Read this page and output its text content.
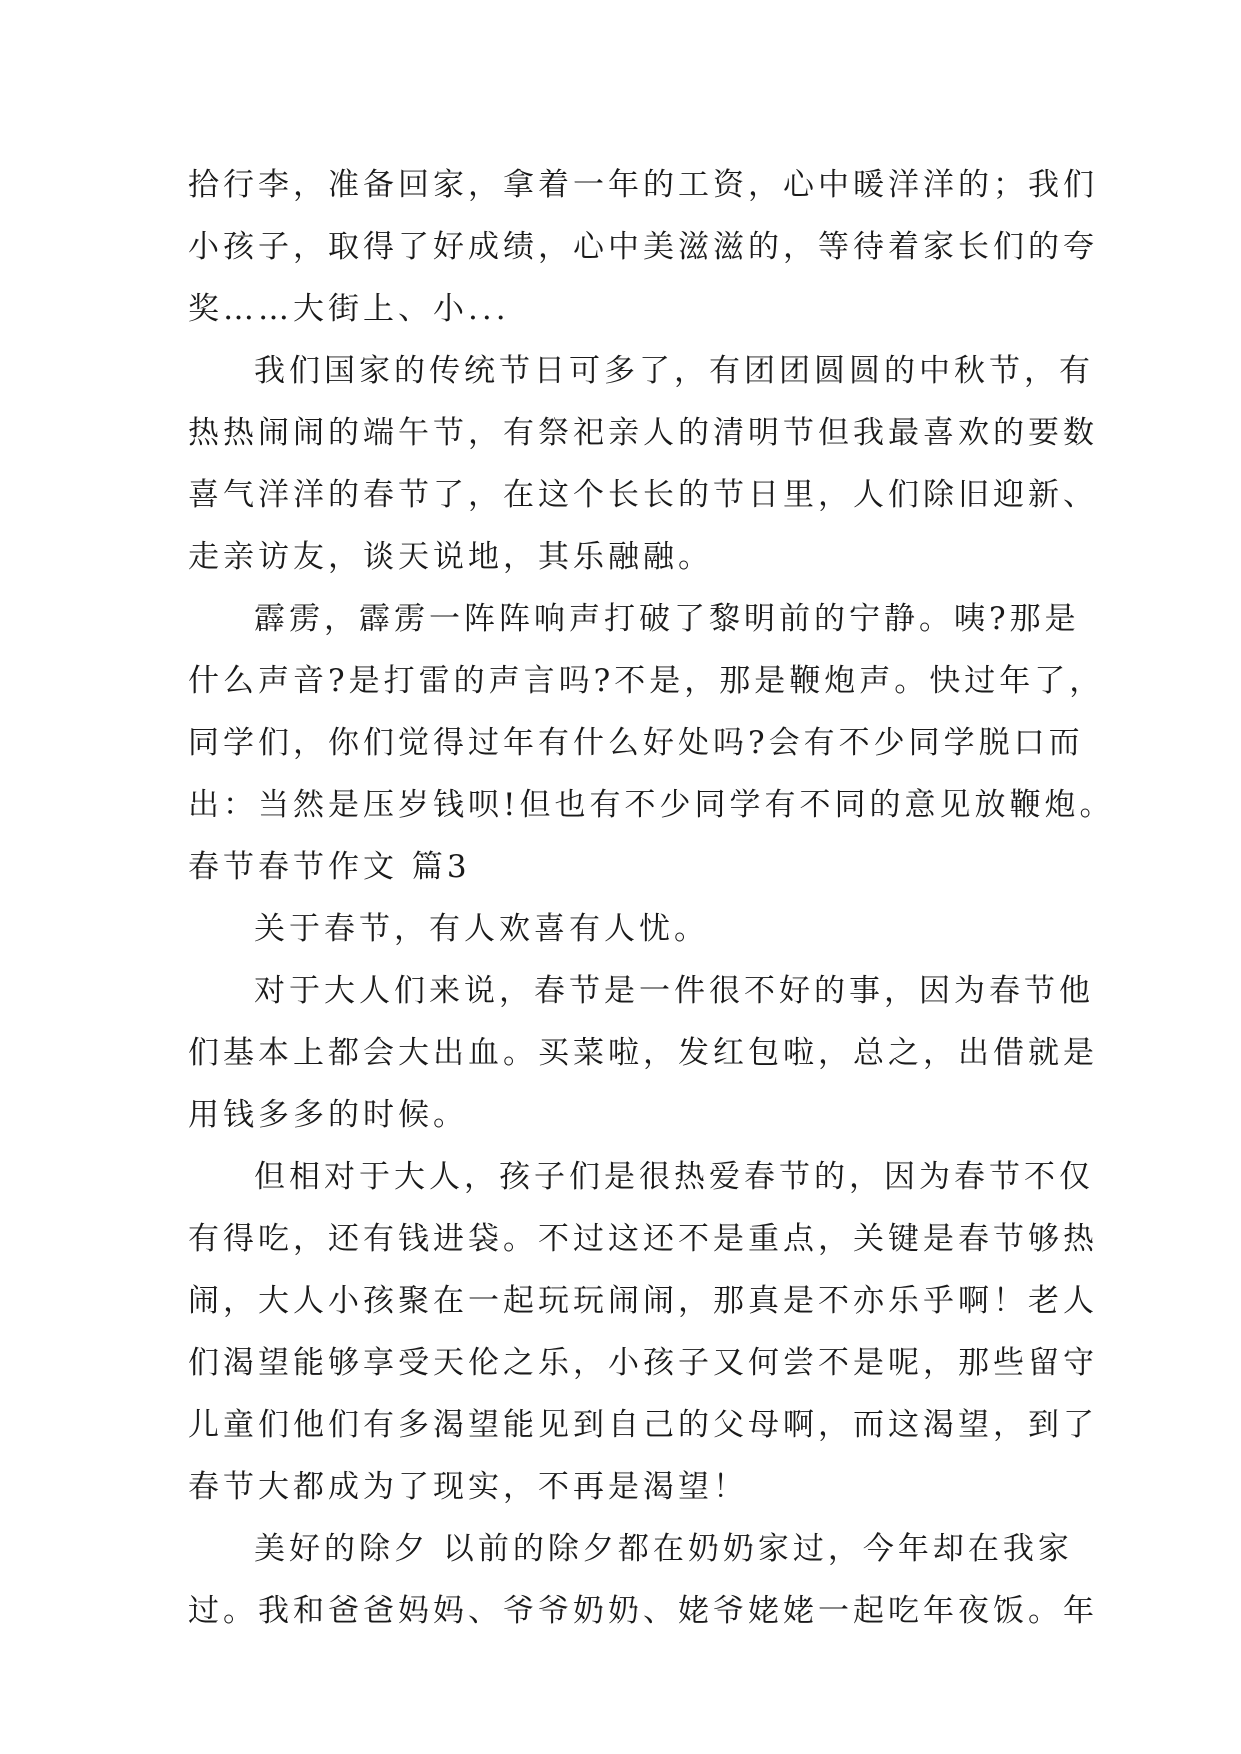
拾行李，准备回家，拿着一年的工资，心中暖洋洋的；我们
小孩子，取得了好成绩，心中美滋滋的，等待着家长们的夸
奖……大街上、小...
我们国家的传统节日可多了，有团团圆圆的中秋节，有
热热闹闹的端午节，有祭祀亲人的清明节但我最喜欢的要数
喜气洋洋的春节了，在这个长长的节日里，人们除旧迎新、
走亲访友，谈天说地，其乐融融。
霹雳，霹雳一阵阵响声打破了黎明前的宁静。咦?那是
什么声音?是打雷的声言吗?不是，那是鞭炮声。快过年了，
同学们，你们觉得过年有什么好处吗?会有不少同学脱口而
出：当然是压岁钱呗!但也有不少同学有不同的意见放鞭炮。
春节春节作文 篇3
关于春节，有人欢喜有人忧。
对于大人们来说，春节是一件很不好的事，因为春节他
们基本上都会大出血。买菜啦，发红包啦，总之，出借就是
用钱多多的时候。
但相对于大人，孩子们是很热爱春节的，因为春节不仅
有得吃，还有钱进袋。不过这还不是重点，关键是春节够热
闹，大人小孩聚在一起玩玩闹闹，那真是不亦乐乎啊！老人
们渴望能够享受天伦之乐，小孩子又何尝不是呢，那些留守
儿童们他们有多渴望能见到自己的父母啊，而这渴望，到了
春节大都成为了现实，不再是渴望！
美好的除夕 以前的除夕都在奶奶家过，今年却在我家
过。我和爸爸妈妈、爷爷奶奶、姥爷姥姥一起吃年夜饭。年
